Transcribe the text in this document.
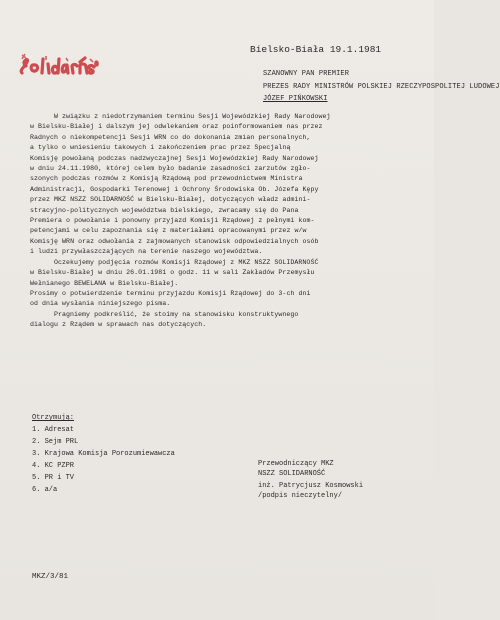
Bielsko-Biała 19.1.1981
SZANOWNY PAN PREMIER
PREZES RADY MINISTRÓW POLSKIEJ RZECZYPOSPOLITEJ LUDOWEJ
JÓZEF PIŃKOWSKI
W związku z niedotrzymaniem terminu Sesji Wojewódzkiej Rady Narodowej
w Bielsku-Białej i dalszym jej odwlekaniem oraz poinformowaniem nas przez
Radnych o niekompetencji Sesji WRN co do dokonania zmian personalnych,
a tylko o wniesieniu takowych i zakończeniem prac przez Specjalną
Komisję powołaną podczas nadzwyczajnej Sesji Wojewódzkiej Rady Narodowej
w dniu 24.11.1980, której celem było badanie zasadności zarzutów zgło-
szonych podczas rozmów z Komisją Rządową pod przewodnictwem Ministra
Administracji, Gospodarki Terenowej i Ochrony Środowiska Ob. Józefa Kępy
przez MKZ NSZZ SOLIDARNOŚĆ w Bielsku-Białej, dotyczących władz admini-
stracyjno-politycznych województwa bielskiego, zwracamy się do Pana
Premiera o powołanie i ponowny przyjazd Komisji Rządowej z pełnymi kom-
petencjami w celu zapoznania się z materiałami opracowanymi przez w/w
Komisję WRN oraz odwołania z zajmowanych stanowisk odpowiedzialnych osób
i ludzi przywłaszczających na terenie naszego województwa.
Oczekujemy podjęcia rozmów Komisji Rządowej z MKZ NSZZ SOLIDARNOŚĆ
w Bielsku-Białej w dniu 26.01.1981 o godz. 11 w sali Zakładów Przemysłu
Wełnianego BEWELANA w Bielsku-Białej.
Prosimy o potwierdzenie terminu przyjazdu Komisji Rządowej do 3-ch dni
od dnia wysłania niniejszego pisma.
Pragniemy podkreślić, że stoimy na stanowisku konstruktywnego
dialogu z Rządem w sprawach nas dotyczących.
Otrzymują:
1. Adresat
2. Sejm PRL
3. Krajowa Komisja Porozumiewawcza
4. KC PZPR
5. PR i TV
6. a/a
Przewodniczący MKZ
NSZZ SOLIDARNOŚĆ
inż. Patrycjusz Kosmowski
/podpis nieczytelny/
MKZ/3/81
